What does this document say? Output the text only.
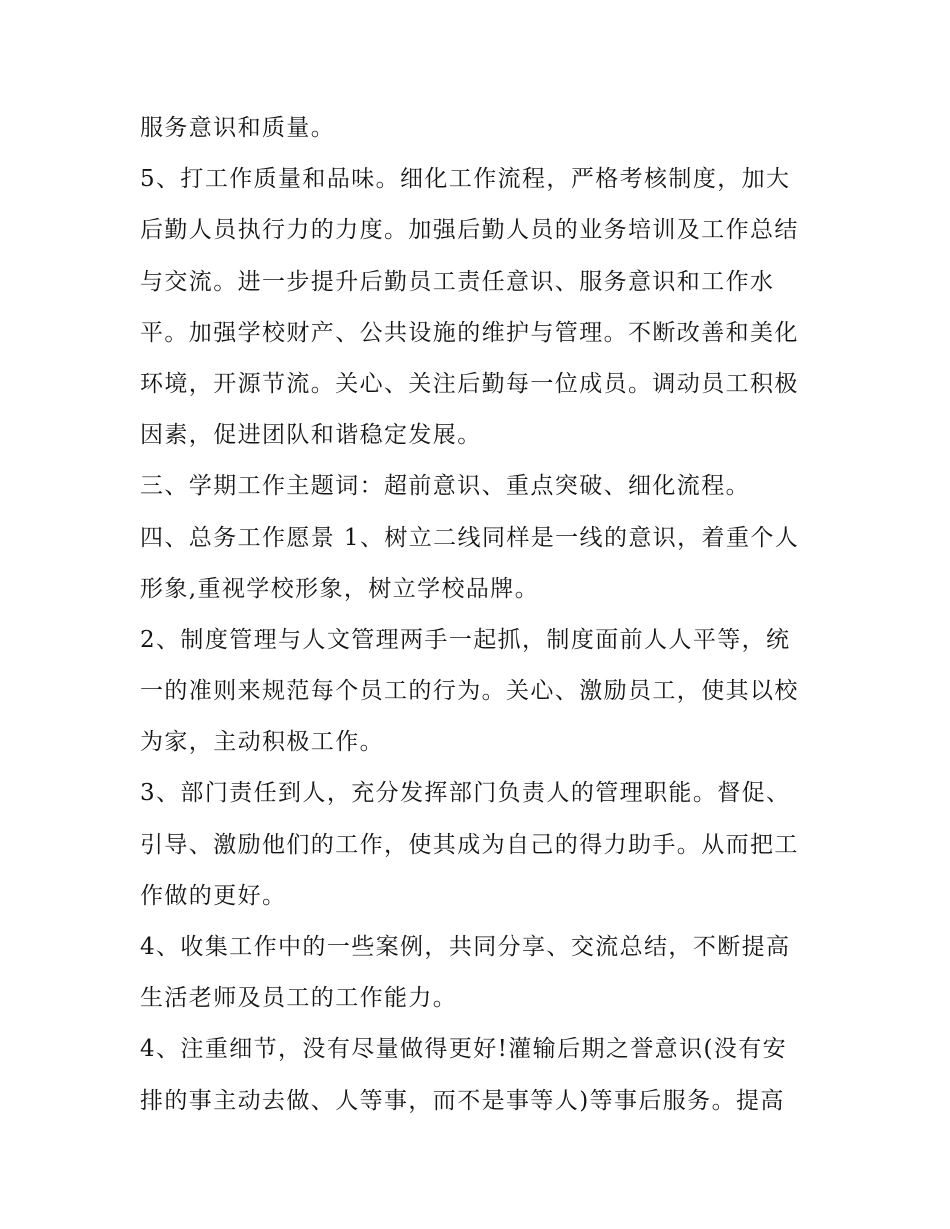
服务意识和质量。
5、打工作质量和品味。细化工作流程，严格考核制度，加大
后勤人员执行力的力度。加强后勤人员的业务培训及工作总结
与交流。进一步提升后勤员工责任意识、服务意识和工作水
平。加强学校财产、公共设施的维护与管理。不断改善和美化
环境，开源节流。关心、关注后勤每一位成员。调动员工积极
因素，促进团队和谐稳定发展。
三、学期工作主题词：超前意识、重点突破、细化流程。
四、总务工作愿景 1、树立二线同样是一线的意识，着重个人
形象,重视学校形象，树立学校品牌。
2、制度管理与人文管理两手一起抓，制度面前人人平等，统
一的准则来规范每个员工的行为。关心、激励员工，使其以校
为家，主动积极工作。
3、部门责任到人，充分发挥部门负责人的管理职能。督促、
引导、激励他们的工作，使其成为自己的得力助手。从而把工
作做的更好。
4、收集工作中的一些案例，共同分享、交流总结，不断提高
生活老师及员工的工作能力。
4、注重细节，没有尽量做得更好!灌输后期之誉意识(没有安
排的事主动去做、人等事，而不是事等人)等事后服务。提高
